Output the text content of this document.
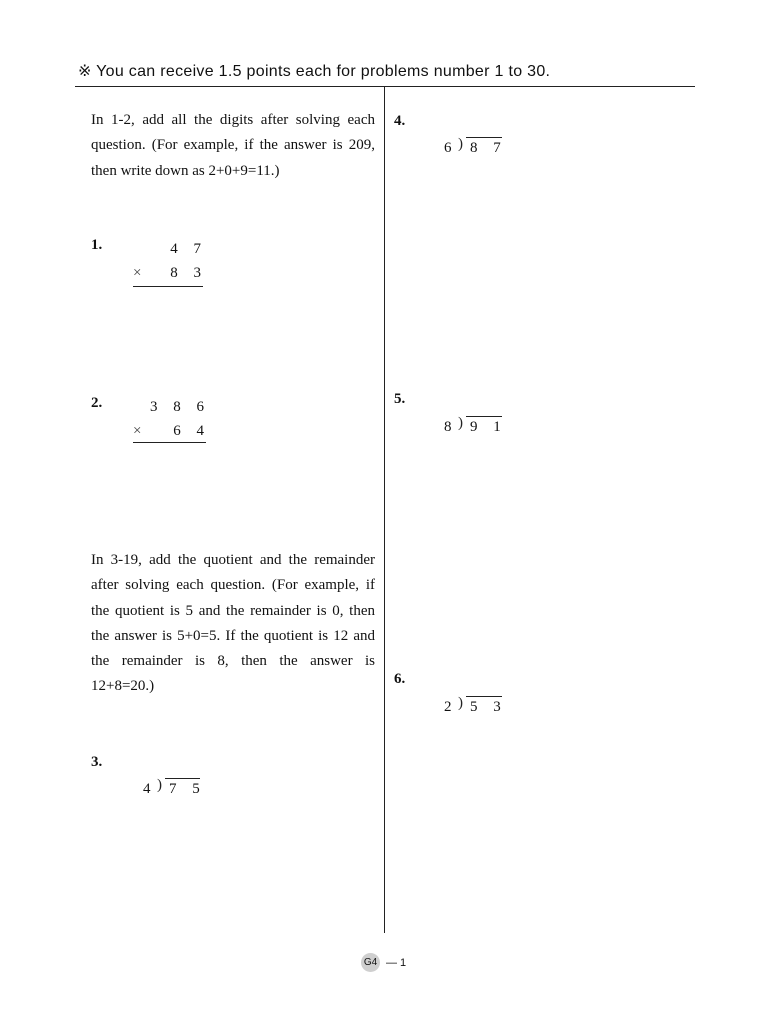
※ You can receive 1.5 points each for problems number 1 to 30.
In 1-2, add all the digits after solving each question. (For example, if the answer is 209, then write down as 2+0+9=11.)
1.	4 7
× 8 3
2.	3 8 6
× 6 4
In 3-19, add the quotient and the remainder after solving each question. (For example, if the quotient is 5 and the remainder is 0, then the answer is 5+0=5. If the quotient is 12 and the remainder is 8, then the answer is 12+8=20.)
3.
4 ) 7 5
4.
6 ) 8 7
5.
8 ) 9 1
6.
2 ) 5 3
G4 — 1
